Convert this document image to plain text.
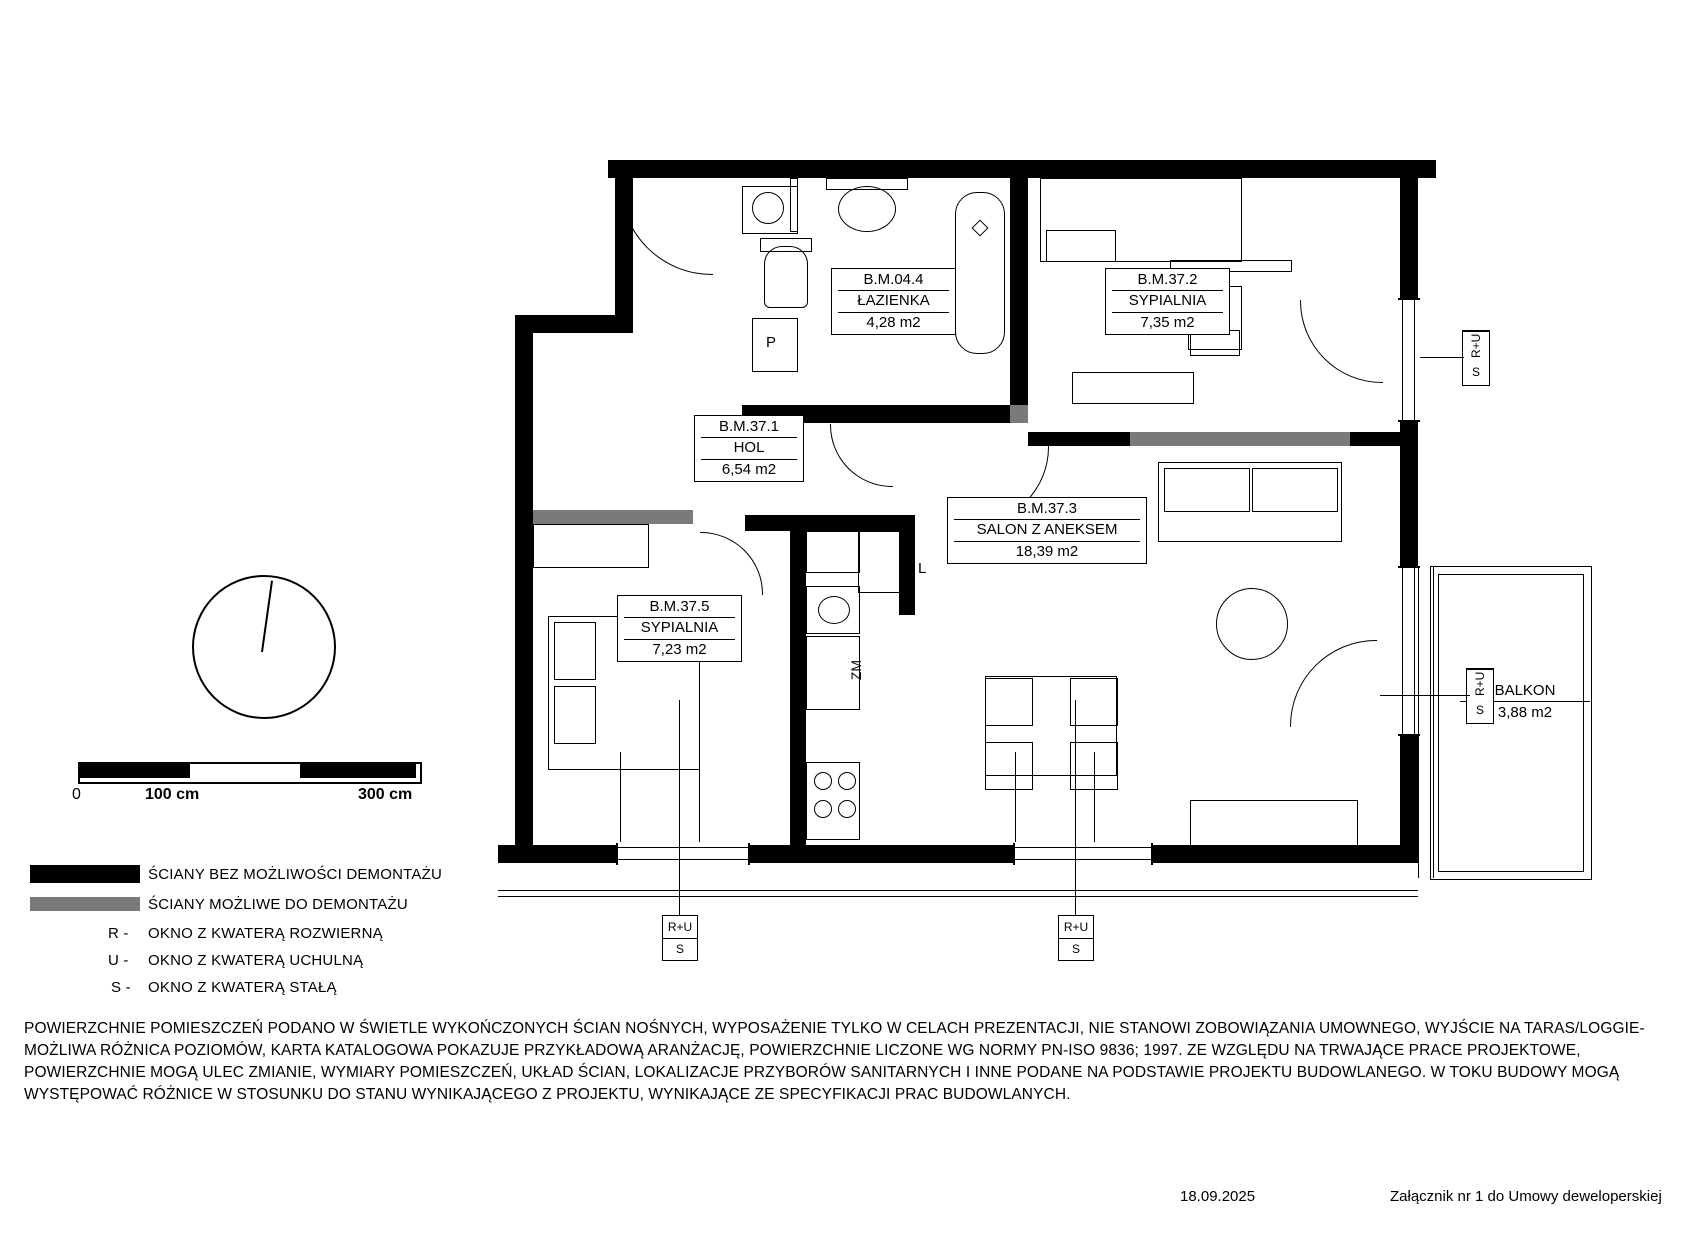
P
L
ZM
B.M.04.4
ŁAZIENKA
4,28 m2
B.M.37.2
SYPIALNIA
7,35 m2
B.M.37.1
HOL
6,54 m2
B.M.37.3
SALON Z ANEKSEM
18,39 m2
B.M.37.5
SYPIALNIA
7,23 m2
BALKON
3,88 m2
R+U
S
R+U
S
R+U
S
R+U
S
0	100 cm	300 cm
ŚCIANY BEZ MOŻLIWOŚCI DEMONTAŻU
ŚCIANY MOŻLIWE DO DEMONTAŻU
R - OKNO Z KWATERĄ ROZWIERNĄ
U - OKNO Z KWATERĄ UCHULNĄ
S - OKNO Z KWATERĄ STAŁĄ
POWIERZCHNIE POMIESZCZEŃ PODANO W ŚWIETLE WYKOŃCZONYCH ŚCIAN NOŚNYCH, WYPOSAŻENIE TYLKO W CELACH PREZENTACJI, NIE STANOWI ZOBOWIĄZANIA UMOWNEGO, WYJŚCIE NA TARAS/LOGGIE- MOŻLIWA RÓŻNICA POZIOMÓW, KARTA KATALOGOWA POKAZUJE PRZYKŁADOWĄ ARANŻACJĘ, POWIERZCHNIE LICZONE WG NORMY PN-ISO 9836; 1997. ZE WZGLĘDU NA TRWAJĄCE PRACE PROJEKTOWE, POWIERZCHNIE MOGĄ ULEC ZMIANIE, WYMIARY POMIESZCZEŃ, UKŁAD ŚCIAN, LOKALIZACJE PRZYBORÓW SANITARNYCH I INNE PODANE NA PODSTAWIE PROJEKTU BUDOWLANEGO. W TOKU BUDOWY MOGĄ WYSTĘPOWAĆ RÓŻNICE W STOSUNKU DO STANU WYNIKAJĄCEGO Z PROJEKTU, WYNIKAJĄCE ZE SPECYFIKACJI PRAC BUDOWLANYCH.
18.09.2025	Załącznik nr 1 do Umowy deweloperskiej
